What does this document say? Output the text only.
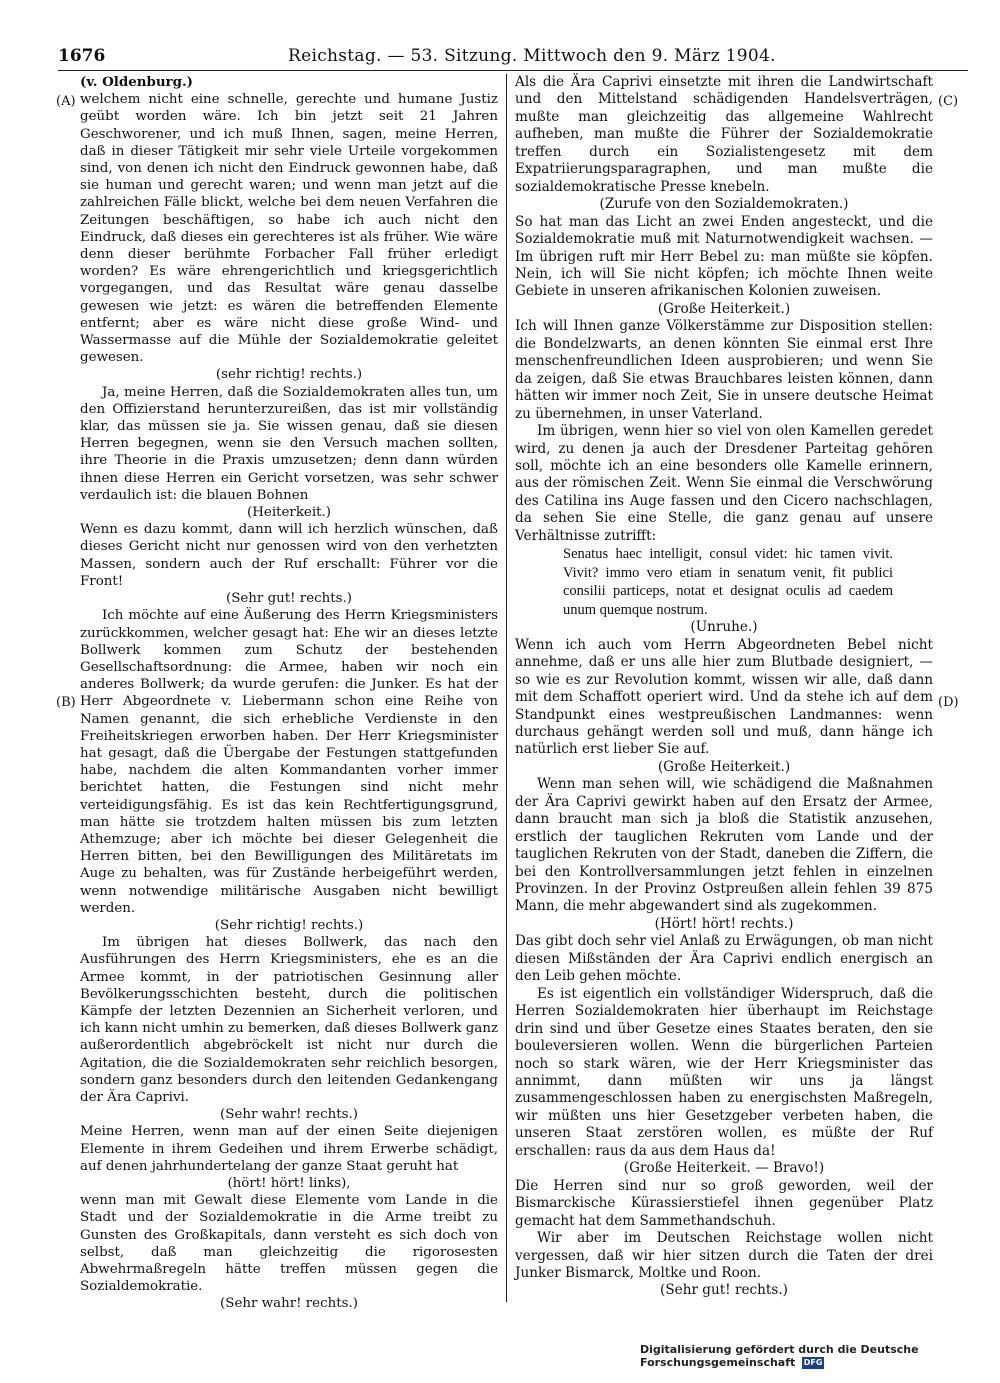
1676	Reichstag. — 53. Sitzung. Mittwoch den 9. März 1904.
(A)
(B)
(C)
(D)

(v. Oldenburg.)

welchem nicht eine schnelle, gerechte und humane Justiz geübt worden wäre. Ich bin jetzt seit 21 Jahren Geschworener, und ich muß Ihnen, sagen, meine Herren, daß in dieser Tätigkeit mir sehr viele Urteile vorgekommen sind, von denen ich nicht den Eindruck gewonnen habe, daß sie human und gerecht waren; und wenn man jetzt auf die zahlreichen Fälle blickt, welche bei dem neuen Verfahren die Zeitungen beschäftigen, so habe ich auch nicht den Eindruck, daß dieses ein gerechteres ist als früher. Wie wäre denn dieser berühmte Forbacher Fall früher erledigt worden? Es wäre ehrengerichtlich und kriegsgerichtlich vorgegangen, und das Resultat wäre genau dasselbe gewesen wie jetzt: es wären die betreffenden Elemente entfernt; aber es wäre nicht diese große Wind- und Wassermasse auf die Mühle der Sozialdemokratie geleitet gewesen.

(sehr richtig! rechts.)

Ja, meine Herren, daß die Sozialdemokraten alles tun, um den Offizierstand herunterzureißen, das ist mir vollständig klar, das müssen sie ja. Sie wissen genau, daß sie diesen Herren begegnen, wenn sie den Versuch machen sollten, ihre Theorie in die Praxis umzusetzen; denn dann würden ihnen diese Herren ein Gericht vorsetzen, was sehr schwer verdaulich ist: die blauen Bohnen

(Heiterkeit.)

Wenn es dazu kommt, dann will ich herzlich wünschen, daß dieses Gericht nicht nur genossen wird von den verhetzten Massen, sondern auch der Ruf erschallt: Führer vor die Front!

(Sehr gut! rechts.)

Ich möchte auf eine Äußerung des Herrn Kriegsministers zurückkommen, welcher gesagt hat: Ehe wir an dieses letzte Bollwerk kommen zum Schutz der bestehenden Gesellschaftsordnung: die Armee, haben wir noch ein anderes Bollwerk; da wurde gerufen: die Junker. Es hat der Herr Abgeordnete v. Liebermann schon eine Reihe von Namen genannt, die sich erhebliche Verdienste in den Freiheitskriegen erworben haben. Der Herr Kriegsminister hat gesagt, daß die Übergabe der Festungen stattgefunden habe, nachdem die alten Kommandanten vorher immer berichtet hatten, die Festungen sind nicht mehr verteidigungsfähig. Es ist das kein Rechtfertigungsgrund, man hätte sie trotzdem halten müssen bis zum letzten Athemzuge; aber ich möchte bei dieser Gelegenheit die Herren bitten, bei den Bewilligungen des Militäretats im Auge zu behalten, was für Zustände herbeigeführt werden, wenn notwendige militärische Ausgaben nicht bewilligt werden.

(Sehr richtig! rechts.)

Im übrigen hat dieses Bollwerk, das nach den Ausführungen des Herrn Kriegsministers, ehe es an die Armee kommt, in der patriotischen Gesinnung aller Bevölkerungsschichten besteht, durch die politischen Kämpfe der letzten Dezennien an Sicherheit verloren, und ich kann nicht umhin zu bemerken, daß dieses Bollwerk ganz außerordentlich abgebröckelt ist nicht nur durch die Agitation, die die Sozialdemokraten sehr reichlich besorgen, sondern ganz besonders durch den leitenden Gedankengang der Ära Caprivi.

(Sehr wahr! rechts.)

Meine Herren, wenn man auf der einen Seite diejenigen Elemente in ihrem Gedeihen und ihrem Erwerbe schädigt, auf denen jahrhundertelang der ganze Staat geruht hat

(hört! hört! links),

wenn man mit Gewalt diese Elemente vom Lande in die Stadt und der Sozialdemokratie in die Arme treibt zu Gunsten des Großkapitals, dann versteht es sich doch von selbst, daß man gleichzeitig die rigorosesten Abwehrmaßregeln hätte treffen müssen gegen die Sozialdemokratie.

(Sehr wahr! rechts.)

Als die Ära Caprivi einsetzte mit ihren die Landwirtschaft und den Mittelstand schädigenden Handelsverträgen, mußte man gleichzeitig das allgemeine Wahlrecht aufheben, man mußte die Führer der Sozialdemokratie treffen durch ein Sozialistengesetz mit dem Expatriierungsparagraphen, und man mußte die sozialdemokratische Presse knebeln.

(Zurufe von den Sozialdemokraten.)

So hat man das Licht an zwei Enden angesteckt, und die Sozialdemokratie muß mit Naturnotwendigkeit wachsen. — Im übrigen ruft mir Herr Bebel zu: man müßte sie köpfen. Nein, ich will Sie nicht köpfen; ich möchte Ihnen weite Gebiete in unseren afrikanischen Kolonien zuweisen.

(Große Heiterkeit.)

Ich will Ihnen ganze Völkerstämme zur Disposition stellen: die Bondelzwarts, an denen könnten Sie einmal erst Ihre menschenfreundlichen Ideen ausprobieren; und wenn Sie da zeigen, daß Sie etwas Brauchbares leisten können, dann hätten wir immer noch Zeit, Sie in unsere deutsche Heimat zu übernehmen, in unser Vaterland.

Im übrigen, wenn hier so viel von olen Kamellen geredet wird, zu denen ja auch der Dresdener Parteitag gehören soll, möchte ich an eine besonders olle Kamelle erinnern, aus der römischen Zeit. Wenn Sie einmal die Verschwörung des Catilina ins Auge fassen und den Cicero nachschlagen, da sehen Sie eine Stelle, die ganz genau auf unsere Verhältnisse zutrifft:

Senatus haec intelligit, consul videt: hic tamen vivit. Vivit? immo vero etiam in senatum venit, fit publici consilii particeps, notat et designat oculis ad caedem unum quemque nostrum.

(Unruhe.)

Wenn ich auch vom Herrn Abgeordneten Bebel nicht annehme, daß er uns alle hier zum Blutbade designiert, — so wie es zur Revolution kommt, wissen wir alle, daß dann mit dem Schaffott operiert wird. Und da stehe ich auf dem Standpunkt eines westpreußischen Landmannes: wenn durchaus gehängt werden soll und muß, dann hänge ich natürlich erst lieber Sie auf.

(Große Heiterkeit.)

Wenn man sehen will, wie schädigend die Maßnahmen der Ära Caprivi gewirkt haben auf den Ersatz der Armee, dann braucht man sich ja bloß die Statistik anzusehen, erstlich der tauglichen Rekruten vom Lande und der tauglichen Rekruten von der Stadt, daneben die Ziffern, die bei den Kontrollversammlungen jetzt fehlen in einzelnen Provinzen. In der Provinz Ostpreußen allein fehlen 39 875 Mann, die mehr abgewandert sind als zugekommen.

(Hört! hört! rechts.)

Das gibt doch sehr viel Anlaß zu Erwägungen, ob man nicht diesen Mißständen der Ära Caprivi endlich energisch an den Leib gehen möchte.

Es ist eigentlich ein vollständiger Widerspruch, daß die Herren Sozialdemokraten hier überhaupt im Reichstage drin sind und über Gesetze eines Staates beraten, den sie bouleversieren wollen. Wenn die bürgerlichen Parteien noch so stark wären, wie der Herr Kriegsminister das annimmt, dann müßten wir uns ja längst zusammengeschlossen haben zu energischsten Maßregeln, wir müßten uns hier Gesetzgeber verbeten haben, die unseren Staat zerstören wollen, es müßte der Ruf erschallen: raus da aus dem Haus da!

(Große Heiterkeit. — Bravo!)

Die Herren sind nur so groß geworden, weil der Bismarckische Kürassierstiefel ihnen gegenüber Platz gemacht hat dem Sammethandschuh.

Wir aber im Deutschen Reichstage wollen nicht vergessen, daß wir hier sitzen durch die Taten der drei Junker Bismarck, Moltke und Roon.

(Sehr gut! rechts.)

Digitalisierung gefördert durch die Deutsche Forschungsgemeinschaft DFG
